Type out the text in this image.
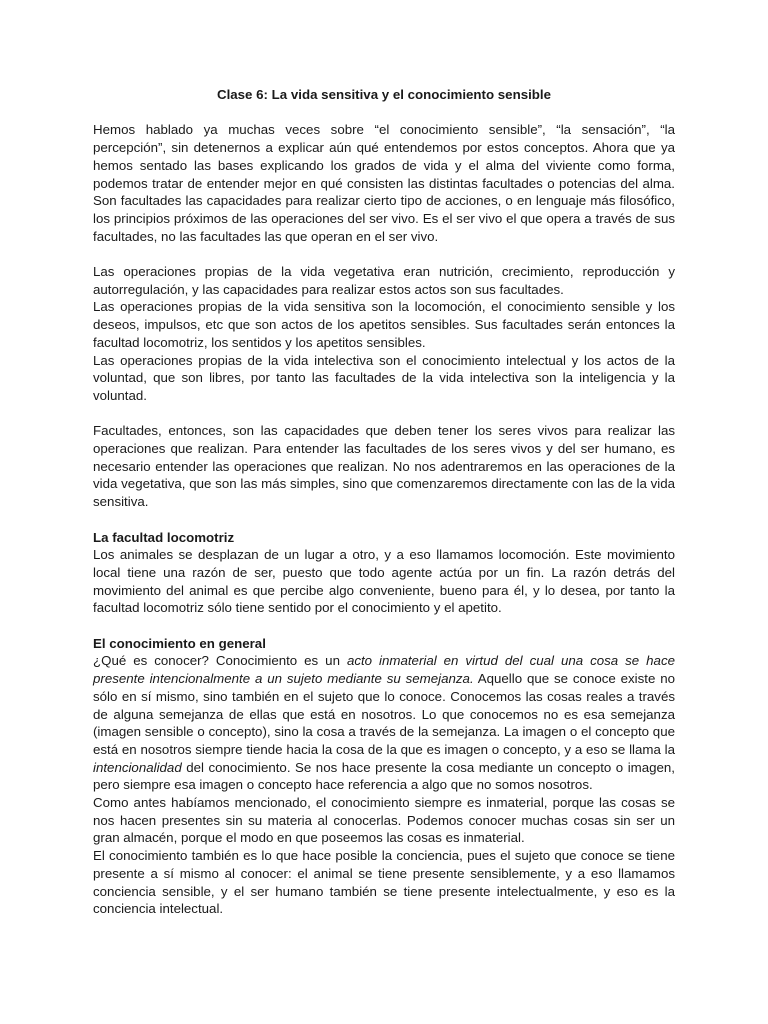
Clase 6: La vida sensitiva y el conocimiento sensible

Hemos hablado ya muchas veces sobre “el conocimiento sensible”, “la sensación”, “la percepción”, sin detenernos a explicar aún qué entendemos por estos conceptos. Ahora que ya hemos sentado las bases explicando los grados de vida y el alma del viviente como forma, podemos tratar de entender mejor en qué consisten las distintas facultades o potencias del alma. Son facultades las capacidades para realizar cierto tipo de acciones, o en lenguaje más filosófico, los principios próximos de las operaciones del ser vivo. Es el ser vivo el que opera a través de sus facultades, no las facultades las que operan en el ser vivo.

Las operaciones propias de la vida vegetativa eran nutrición, crecimiento, reproducción y autorregulación, y las capacidades para realizar estos actos son sus facultades.

Las operaciones propias de la vida sensitiva son la locomoción, el conocimiento sensible y los deseos, impulsos, etc que son actos de los apetitos sensibles. Sus facultades serán entonces la facultad locomotriz, los sentidos y los apetitos sensibles.

Las operaciones propias de la vida intelectiva son el conocimiento intelectual y los actos de la voluntad, que son libres, por tanto las facultades de la vida intelectiva son la inteligencia y la voluntad.

Facultades, entonces, son las capacidades que deben tener los seres vivos para realizar las operaciones que realizan. Para entender las facultades de los seres vivos y del ser humano, es necesario entender las operaciones que realizan. No nos adentraremos en las operaciones de la vida vegetativa, que son las más simples, sino que comenzaremos directamente con las de la vida sensitiva.

La facultad locomotriz

Los animales se desplazan de un lugar a otro, y a eso llamamos locomoción. Este movimiento local tiene una razón de ser, puesto que todo agente actúa por un fin. La razón detrás del movimiento del animal es que percibe algo conveniente, bueno para él, y lo desea, por tanto la facultad locomotriz sólo tiene sentido por el conocimiento y el apetito.

El conocimiento en general

¿Qué es conocer? Conocimiento es un acto inmaterial en virtud del cual una cosa se hace presente intencionalmente a un sujeto mediante su semejanza. Aquello que se conoce existe no sólo en sí mismo, sino también en el sujeto que lo conoce. Conocemos las cosas reales a través de alguna semejanza de ellas que está en nosotros. Lo que conocemos no es esa semejanza (imagen sensible o concepto), sino la cosa a través de la semejanza. La imagen o el concepto que está en nosotros siempre tiende hacia la cosa de la que es imagen o concepto, y a eso se llama la intencionalidad del conocimiento. Se nos hace presente la cosa mediante un concepto o imagen, pero siempre esa imagen o concepto hace referencia a algo que no somos nosotros.

Como antes habíamos mencionado, el conocimiento siempre es inmaterial, porque las cosas se nos hacen presentes sin su materia al conocerlas. Podemos conocer muchas cosas sin ser un gran almacén, porque el modo en que poseemos las cosas es inmaterial.

El conocimiento también es lo que hace posible la conciencia, pues el sujeto que conoce se tiene presente a sí mismo al conocer: el animal se tiene presente sensiblemente, y a eso llamamos conciencia sensible, y el ser humano también se tiene presente intelectualmente, y eso es la conciencia intelectual.
